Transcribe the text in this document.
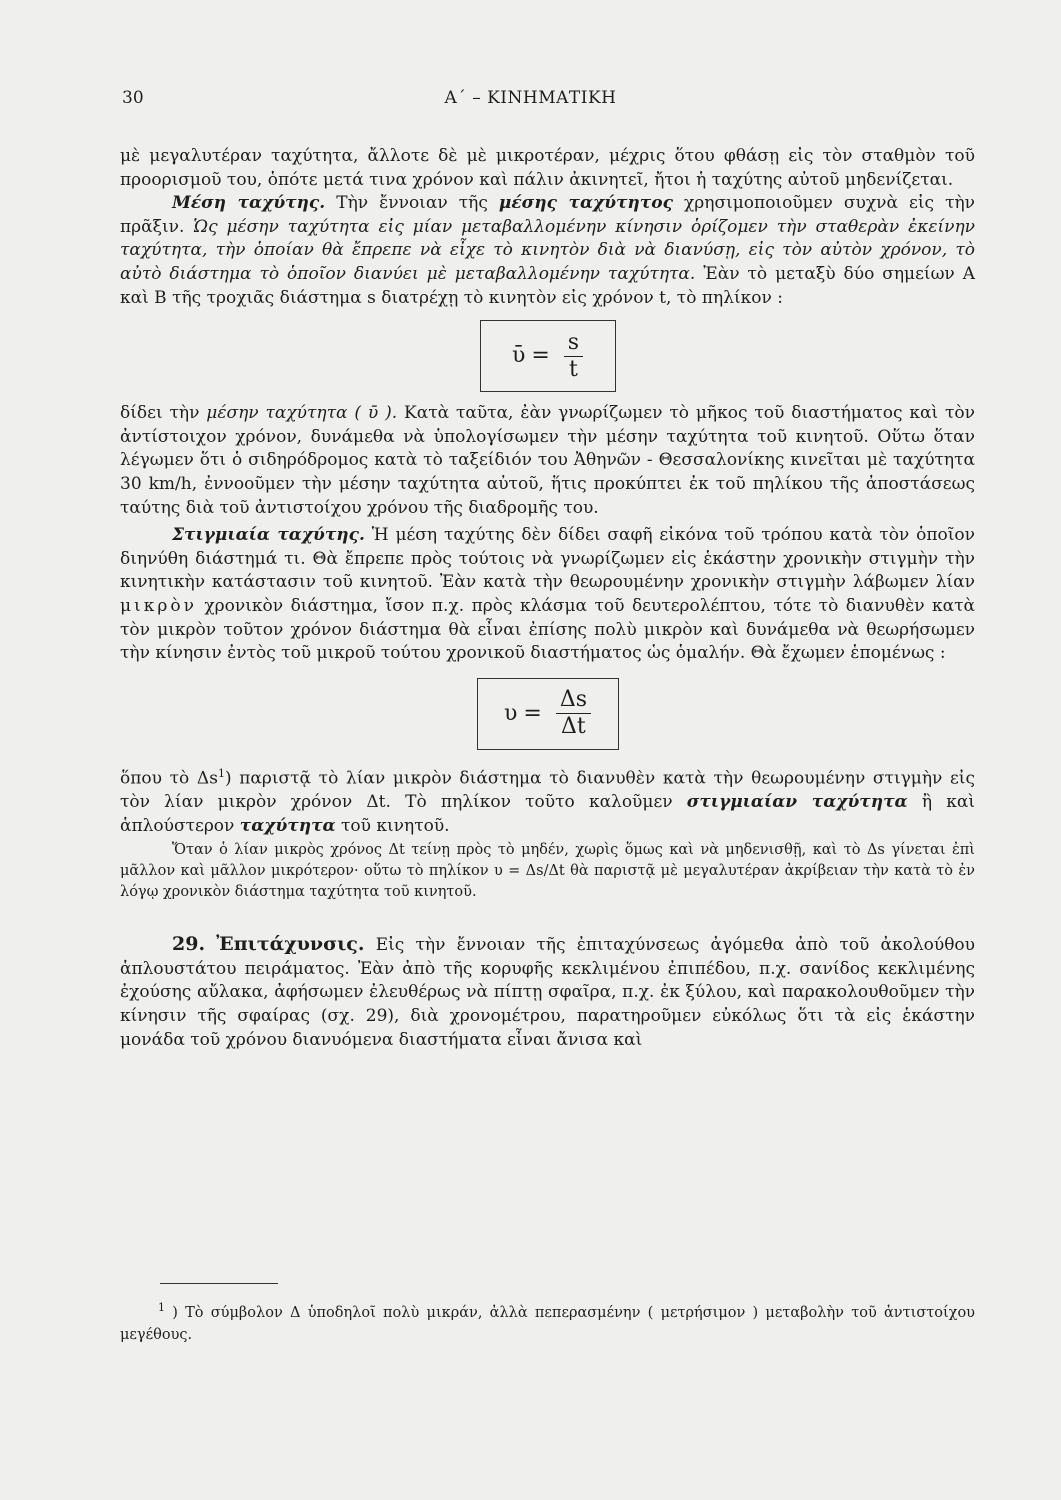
30	Α΄ – ΚΙΝΗΜΑΤΙΚΗ

μὲ μεγαλυτέραν ταχύτητα, ἄλλοτε δὲ μὲ μικροτέραν, μέχρις ὅτου φθάσῃ εἰς τὸν σταθμὸν τοῦ προορισμοῦ του, ὁπότε μετά τινα χρόνον καὶ πάλιν ἀκινητεῖ, ἤτοι ἡ ταχύτης αὐτοῦ μηδενίζεται.

Μέση ταχύτης. Τὴν ἔννοιαν τῆς μέσης ταχύτητος χρησιμοποιοῦμεν συχνὰ εἰς τὴν πρᾶξιν. Ὡς μέσην ταχύτητα εἰς μίαν μεταβαλλομένην κίνησιν ὁρίζομεν τὴν σταθερὰν ἐκείνην ταχύτητα, τὴν ὁποίαν θὰ ἔπρεπε νὰ εἶχε τὸ κινητὸν διὰ νὰ διανύσῃ, εἰς τὸν αὐτὸν χρόνον, τὸ αὐτὸ διάστημα τὸ ὁποῖον διανύει μὲ μεταβαλλομένην ταχύτητα. Ἐὰν τὸ μεταξὺ δύο σημείων Α καὶ Β τῆς τροχιᾶς διάστημα s διατρέχῃ τὸ κινητὸν εἰς χρόνον t, τὸ πηλίκον :

ῡ = $\frac{s}{t}$

δίδει τὴν μέσην ταχύτητα ( ῡ ). Κατὰ ταῦτα, ἐὰν γνωρίζωμεν τὸ μῆκος τοῦ διαστήματος καὶ τὸν ἀντίστοιχον χρόνον, δυνάμεθα νὰ ὑπολογίσωμεν τὴν μέσην ταχύτητα τοῦ κινητοῦ. Οὕτω ὅταν λέγωμεν ὅτι ὁ σιδηρόδρομος κατὰ τὸ ταξείδιόν του Ἀθηνῶν - Θεσσαλονίκης κινεῖται μὲ ταχύτητα 30 km/h, ἐννοοῦμεν τὴν μέσην ταχύτητα αὐτοῦ, ἥτις προκύπτει ἐκ τοῦ πηλίκου τῆς ἀποστάσεως ταύτης διὰ τοῦ ἀντιστοίχου χρόνου τῆς διαδρομῆς του.

Στιγμιαία ταχύτης. Ἡ μέση ταχύτης δὲν δίδει σαφῆ εἰκόνα τοῦ τρόπου κατὰ τὸν ὁποῖον διηνύθη διάστημά τι. Θὰ ἔπρεπε πρὸς τούτοις νὰ γνωρίζωμεν εἰς ἑκάστην χρονικὴν στιγμὴν τὴν κινητικὴν κατάστασιν τοῦ κινητοῦ. Ἐὰν κατὰ τὴν θεωρουμένην χρονικὴν στιγμὴν λάβωμεν λίαν μικρὸν χρονικὸν διάστημα, ἴσον π.χ. πρὸς κλάσμα τοῦ δευτερολέπτου, τότε τὸ διανυθὲν κατὰ τὸν μικρὸν τοῦτον χρόνον διάστημα θὰ εἶναι ἐπίσης πολὺ μικρὸν καὶ δυνάμεθα νὰ θεωρήσωμεν τὴν κίνησιν ἐντὸς τοῦ μικροῦ τούτου χρονικοῦ διαστήματος ὡς ὁμαλήν. Θὰ ἔχωμεν ἑπομένως :

$\upsilon = \frac{\Delta s}{\Delta t}$

ὅπου τὸ $\Delta s^1$) παριστᾷ τὸ λίαν μικρὸν διάστημα τὸ διανυθὲν κατὰ τὴν θεωρουμένην στιγμὴν εἰς τὸν λίαν μικρὸν χρόνον Δt. Τὸ πηλίκον τοῦτο καλοῦμεν στιγμιαίαν ταχύτητα ἢ καὶ ἁπλούστερον ταχύτητα τοῦ κινητοῦ.

Ὅταν ὁ λίαν μικρὸς χρόνος Δt τείνῃ πρὸς τὸ μηδέν, χωρὶς ὅμως καὶ νὰ μηδενισθῇ, καὶ τὸ Δs γίνεται ἐπὶ μᾶλλον καὶ μᾶλλον μικρότερον· οὕτω τὸ πηλίκον υ = Δs/Δt θὰ παριστᾷ μὲ μεγαλυτέραν ἀκρίβειαν τὴν κατὰ τὸ ἐν λόγῳ χρονικὸν διάστημα ταχύτητα τοῦ κινητοῦ.

29. Ἐπιτάχυνσις. Εἰς τὴν ἔννοιαν τῆς ἐπιταχύνσεως ἀγόμεθα ἀπὸ τοῦ ἀκολούθου ἁπλουστάτου πειράματος. Ἐὰν ἀπὸ τῆς κορυφῆς κεκλιμένου ἐπιπέδου, π.χ. σανίδος κεκλιμένης ἐχούσης αὔλακα, ἀφήσωμεν ἐλευθέρως νὰ πίπτῃ σφαῖρα, π.χ. ἐκ ξύλου, καὶ παρακολουθοῦμεν τὴν κίνησιν τῆς σφαίρας (σχ. 29), διὰ χρονομέτρου, παρατηροῦμεν εὐκόλως ὅτι τὰ εἰς ἑκάστην μονάδα τοῦ χρόνου διανυόμενα διαστήματα εἶναι ἄνισα καὶ

$^1$ ) Τὸ σύμβολον Δ ὑποδηλοῖ πολὺ μικράν, ἀλλὰ πεπερασμένην ( μετρήσιμον ) μεταβολὴν τοῦ ἀντιστοίχου μεγέθους.
